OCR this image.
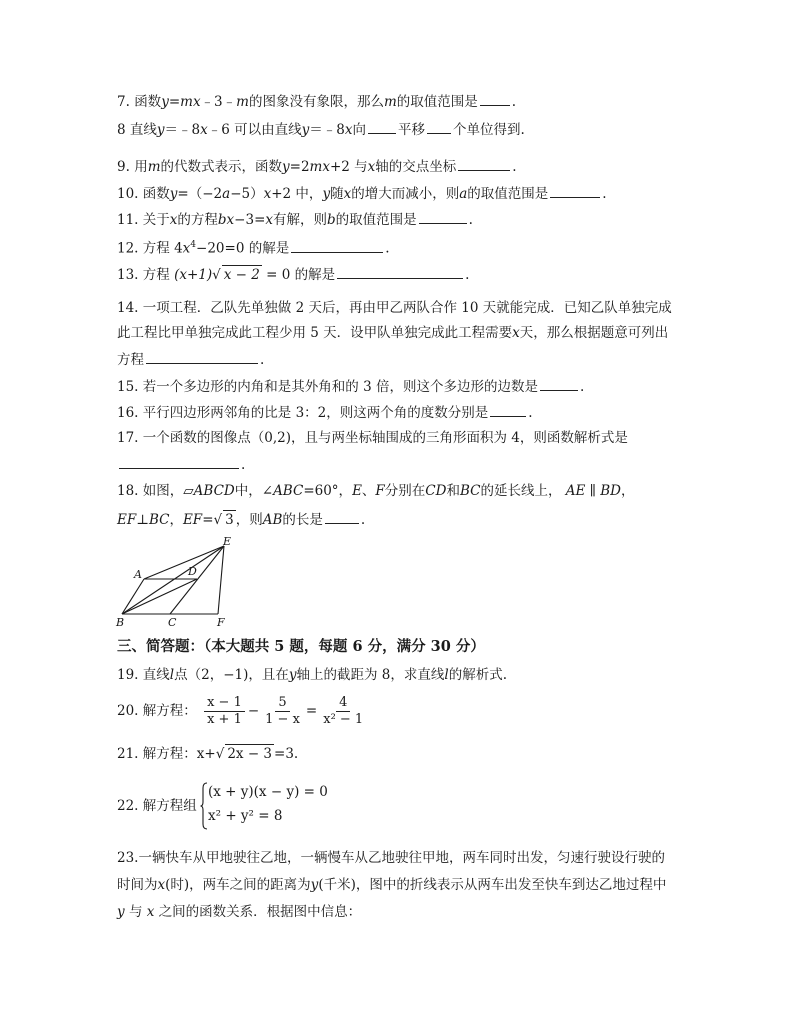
7. 函数y=mx﹣3﹣m的图象没有象限，那么m的取值范围是	.
8 直线y＝﹣8x﹣6 可以由直线y＝﹣8x向 平移 个单位得到.
9. 用m的代数式表示，函数y=2mx+2 与x轴的交点坐标	.
10. 函数y=（−2a−5）x+2 中，y随x的增大而减小，则a的取值范围是	.
11. 关于x的方程bx−3=x有解，则b的取值范围是	.
12. 方程 $4x^4-20=0$ 的解是	.
13. 方程 (x+1)√ x − 2 = 0 的解是	.
14. 一项工程．乙队先单独做 2 天后，再由甲乙两队合作 10 天就能完成．已知乙队单独完成
此工程比甲单独完成此工程少用 5 天．设甲队单独完成此工程需要x天，那么根据题意可列出
方程	.
15. 若一个多边形的内角和是其外角和的 3 倍，则这个多边形的边数是	.
16. 平行四边形两邻角的比是 3：2，则这两个角的度数分别是	.
17. 一个函数的图像点（0,2)，且与两坐标轴围成的三角形面积为 4，则函数解析式是
.
18. 如图，▱ABCD中，∠ABC=60°，E、F分别在CD和BC的延长线上， AE ∥ BD，
EF⊥BC，EF=√ 3 ，则AB的长是	.
A	D
E
B	C	F
三、简答题：（本大题共 5 题，每题 6 分，满分 30 分）
19. 直线l点（2，−1)，且在y轴上的截距为 8，求直线l的解析式.
20. 解方程： $\frac{x - 1}{x + 1} - \frac{5}{1 - x} = \frac{4}{\text{x² − 1}}$
21. 解方程：x+√ 2x − 3 =3.
22. 解方程组
(x + y)(x − y) = 0
x² + y² = 8
23.一辆快车从甲地驶往乙地，一辆慢车从乙地驶往甲地，两车同时出发，匀速行驶设行驶的
时间为x(时)，两车之间的距离为y(千米)，图中的折线表示从两车出发至快车到达乙地过程中
y 与 x 之间的函数关系．根据图中信息：
